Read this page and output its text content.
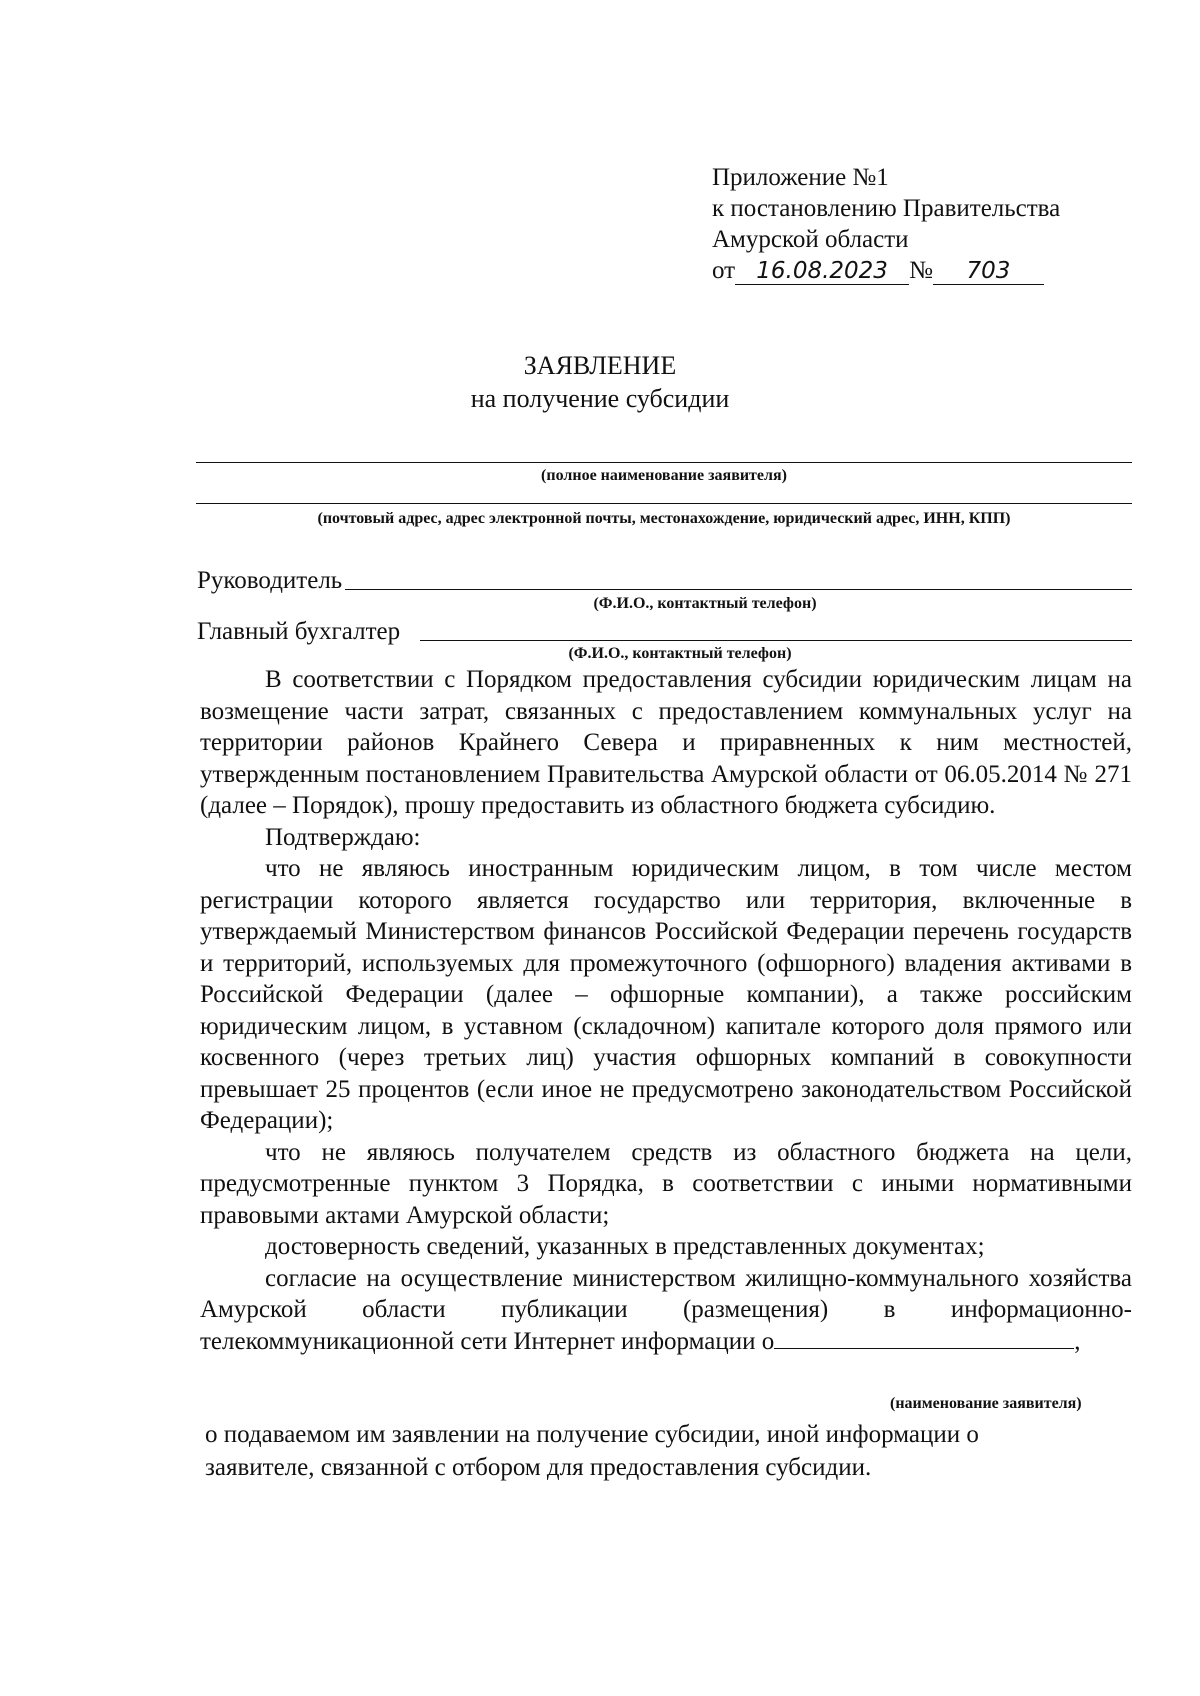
Приложение №1
к постановлению Правительства
Амурской области
от 16.08.2023 № 703
ЗАЯВЛЕНИЕ
на получение субсидии
(полное наименование заявителя)
(почтовый адрес, адрес электронной почты, местонахождение, юридический адрес, ИНН, КПП)
Руководитель
(Ф.И.О., контактный телефон)
Главный бухгалтер
(Ф.И.О., контактный телефон)

В соответствии с Порядком предоставления субсидии юридическим лицам на возмещение части затрат, связанных с предоставлением коммунальных услуг на территории районов Крайнего Севера и приравненных к ним местностей, утвержденным постановлением Правительства Амурской области от 06.05.2014 № 271 (далее – Порядок), прошу предоставить из областного бюджета субсидию.

Подтверждаю:

что не являюсь иностранным юридическим лицом, в том числе местом регистрации которого является государство или территория, включенные в утверждаемый Министерством финансов Российской Федерации перечень государств и территорий, используемых для промежуточного (офшорного) владения активами в Российской Федерации (далее – офшорные компании), а также российским юридическим лицом, в уставном (складочном) капитале которого доля прямого или косвенного (через третьих лиц) участия офшорных компаний в совокупности превышает 25 процентов (если иное не предусмотрено законодательством Российской Федерации);

что не являюсь получателем средств из областного бюджета на цели, предусмотренные пунктом 3 Порядка, в соответствии с иными нормативными правовыми актами Амурской области;

достоверность сведений, указанных в представленных документах;

согласие на осуществление министерством жилищно-коммунального хозяйства Амурской области публикации (размещения) в информационно-телекоммуникационной сети Интернет информации о	,

(наименование заявителя)

о подаваемом им заявлении на получение субсидии, иной информации о

заявителе, связанной с отбором для предоставления субсидии.
